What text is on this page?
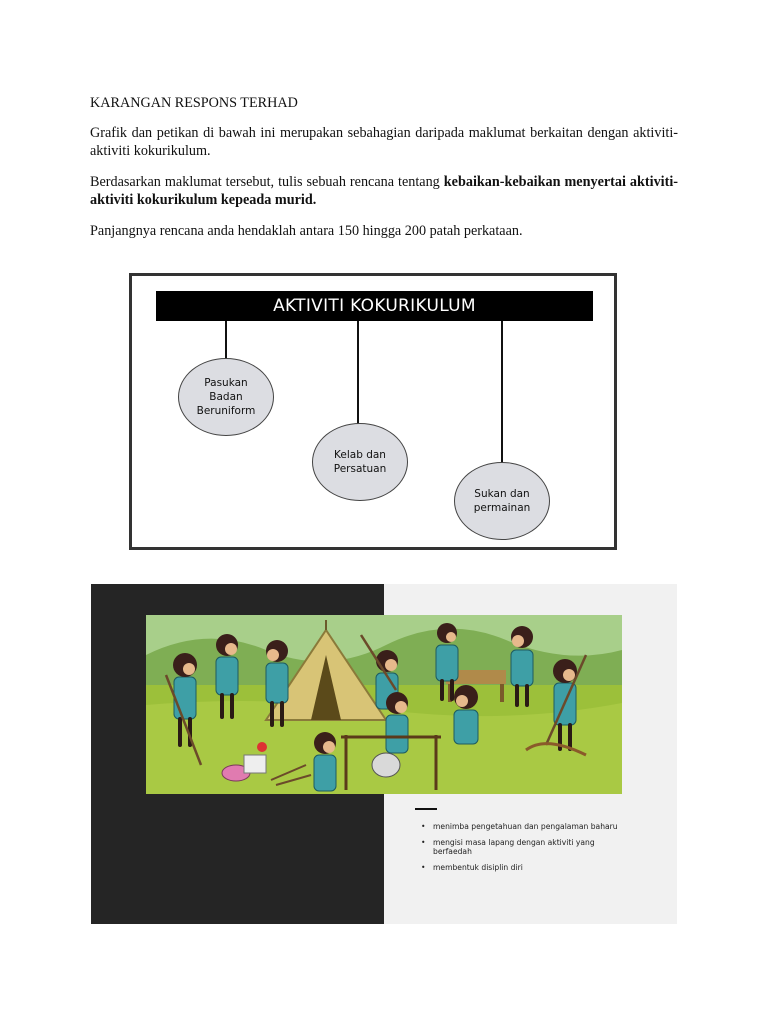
KARANGAN RESPONS TERHAD

Grafik dan petikan di bawah ini merupakan sebahagian daripada maklumat berkaitan dengan aktiviti-aktiviti kokurikulum.

Berdasarkan maklumat tersebut, tulis sebuah rencana tentang kebaikan-kebaikan menyertai aktiviti-aktiviti kokurikulum kepeada murid.

Panjangnya rencana anda hendaklah antara 150 hingga 200 patah perkataan.

AKTIVITI KOKURIKULUM
Pasukan
Badan
Beruniform
Kelab dan
Persatuan
Sukan dan
permainan
• menimba pengetahuan dan pengalaman baharu
• mengisi masa lapang dengan aktiviti yang berfaedah
• membentuk disiplin diri
